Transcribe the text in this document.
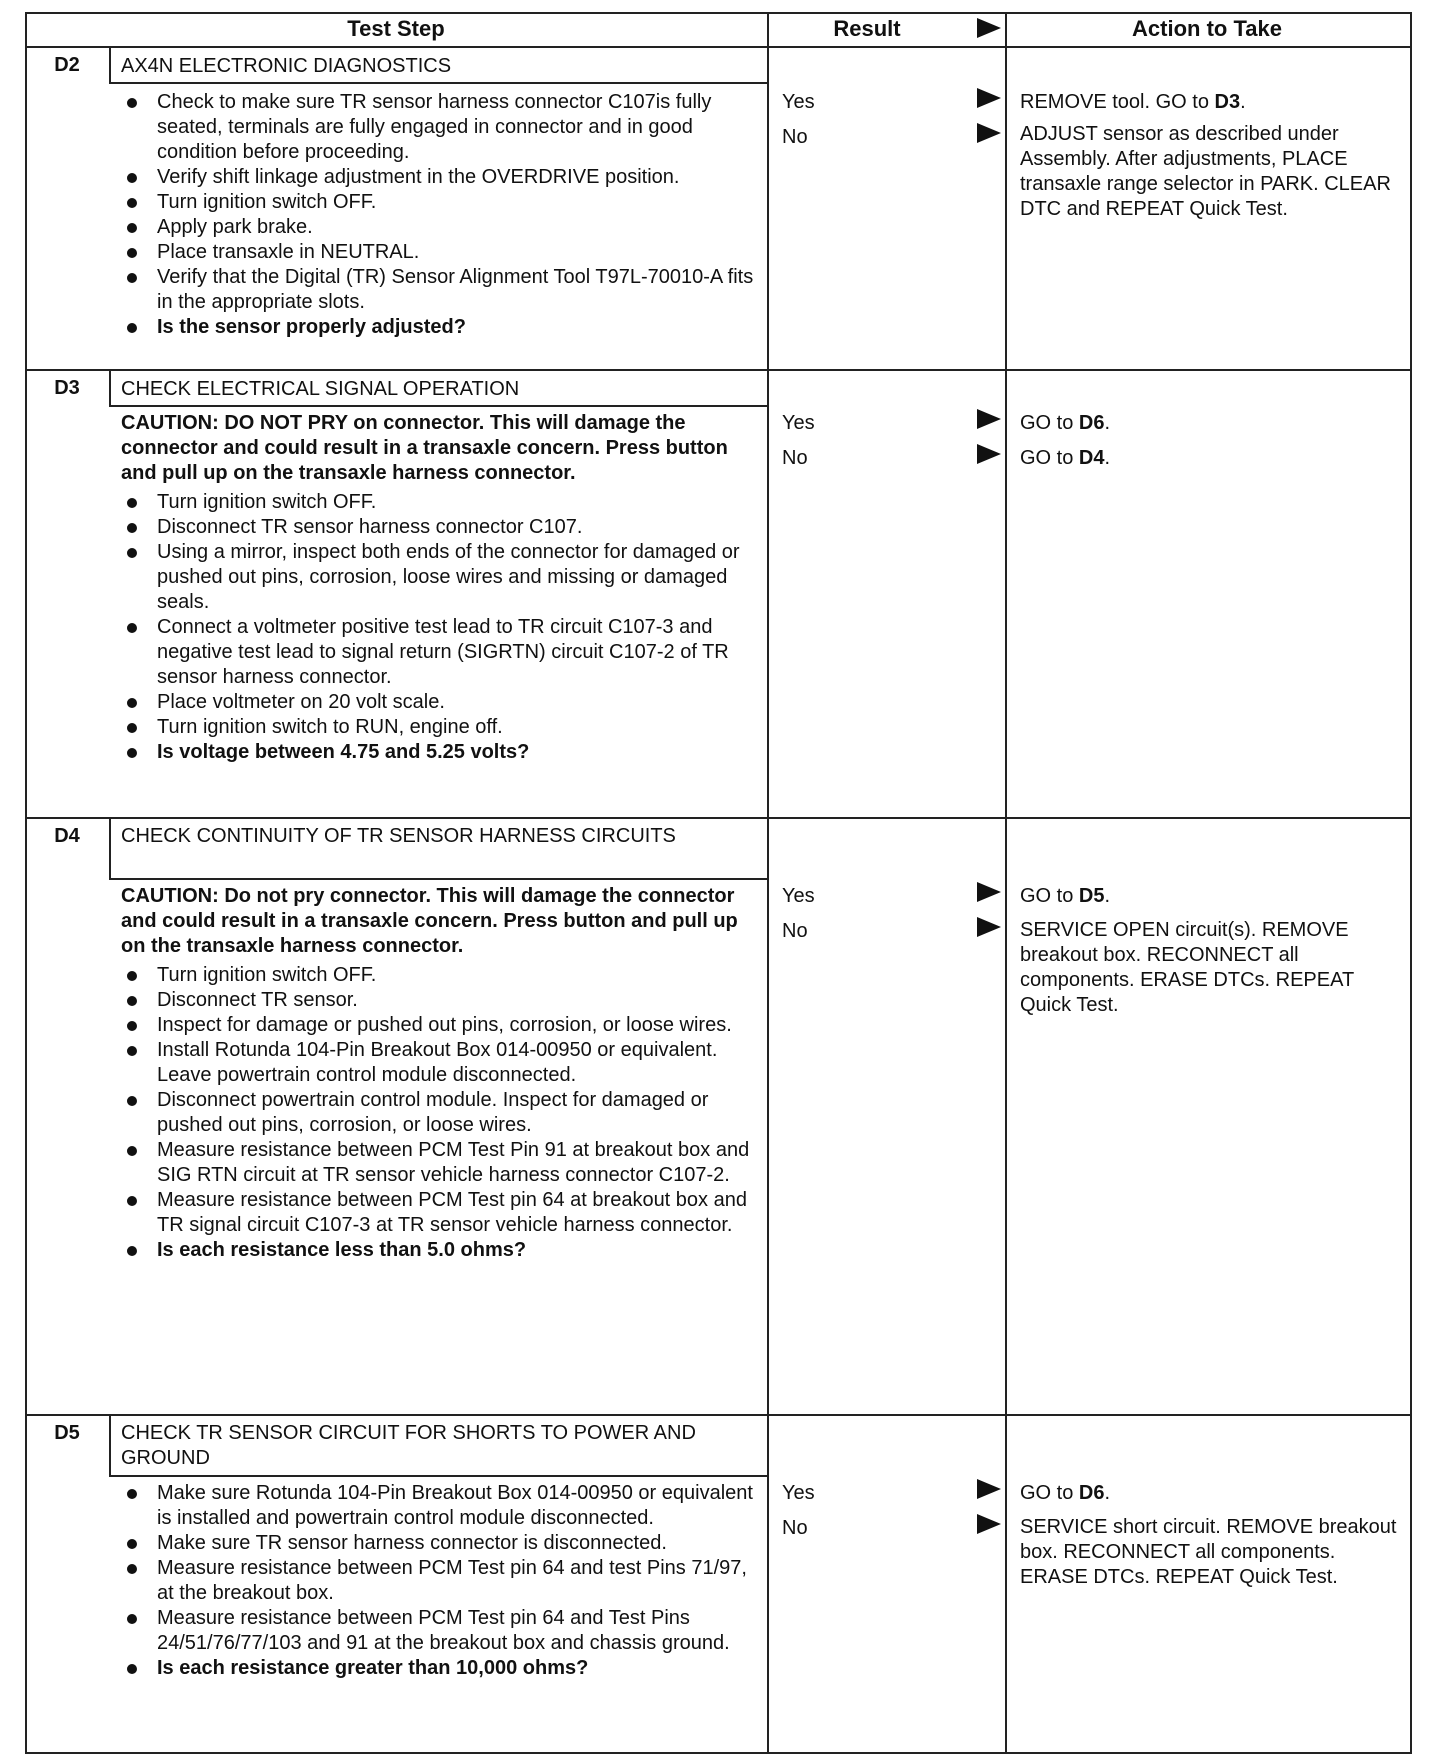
Test Step	Result	Action to Take
D2	AX4N ELECTRONIC DIAGNOSTICS
Check to make sure TR sensor harness connector C107is fully seated, terminals are fully engaged in connector and in good condition before proceeding.
Verify shift linkage adjustment in the OVERDRIVE position.
Turn ignition switch OFF.
Apply park brake.
Place transaxle in NEUTRAL.
Verify that the Digital (TR) Sensor Alignment Tool T97L-70010-A fits in the appropriate slots.
Is the sensor properly adjusted?
Yes	REMOVE tool. GO to D3.
No	ADJUST sensor as described under Assembly. After adjustments, PLACE transaxle range selector in PARK. CLEAR DTC and REPEAT Quick Test.
D3	CHECK ELECTRICAL SIGNAL OPERATION

CAUTION: DO NOT PRY on connector. This will damage the connector and could result in a transaxle concern. Press button and pull up on the transaxle harness connector.

Turn ignition switch OFF.
Disconnect TR sensor harness connector C107.
Using a mirror, inspect both ends of the connector for damaged or pushed out pins, corrosion, loose wires and missing or damaged seals.
Connect a voltmeter positive test lead to TR circuit C107-3 and negative test lead to signal return (SIGRTN) circuit C107-2 of TR sensor harness connector.
Place voltmeter on 20 volt scale.
Turn ignition switch to RUN, engine off.
Is voltage between 4.75 and 5.25 volts?
Yes	GO to D6.
No	GO to D4.
D4	CHECK CONTINUITY OF TR SENSOR HARNESS CIRCUITS

CAUTION: Do not pry connector. This will damage the connector and could result in a transaxle concern. Press button and pull up on the transaxle harness connector.

Turn ignition switch OFF.
Disconnect TR sensor.
Inspect for damage or pushed out pins, corrosion, or loose wires.
Install Rotunda 104-Pin Breakout Box 014-00950 or equivalent. Leave powertrain control module disconnected.
Disconnect powertrain control module. Inspect for damaged or pushed out pins, corrosion, or loose wires.
Measure resistance between PCM Test Pin 91 at breakout box and SIG RTN circuit at TR sensor vehicle harness connector C107-2.
Measure resistance between PCM Test pin 64 at breakout box and TR signal circuit C107-3 at TR sensor vehicle harness connector.
Is each resistance less than 5.0 ohms?
Yes	GO to D5.
No	SERVICE OPEN circuit(s). REMOVE breakout box. RECONNECT all components. ERASE DTCs. REPEAT Quick Test.
D5	CHECK TR SENSOR CIRCUIT FOR SHORTS TO POWER AND GROUND
Make sure Rotunda 104-Pin Breakout Box 014-00950 or equivalent is installed and powertrain control module disconnected.
Make sure TR sensor harness connector is disconnected.
Measure resistance between PCM Test pin 64 and test Pins 71/97, at the breakout box.
Measure resistance between PCM Test pin 64 and Test Pins 24/51/76/77/103 and 91 at the breakout box and chassis ground.
Is each resistance greater than 10,000 ohms?
Yes	GO to D6.
No	SERVICE short circuit. REMOVE breakout box. RECONNECT all components. ERASE DTCs. REPEAT Quick Test.
